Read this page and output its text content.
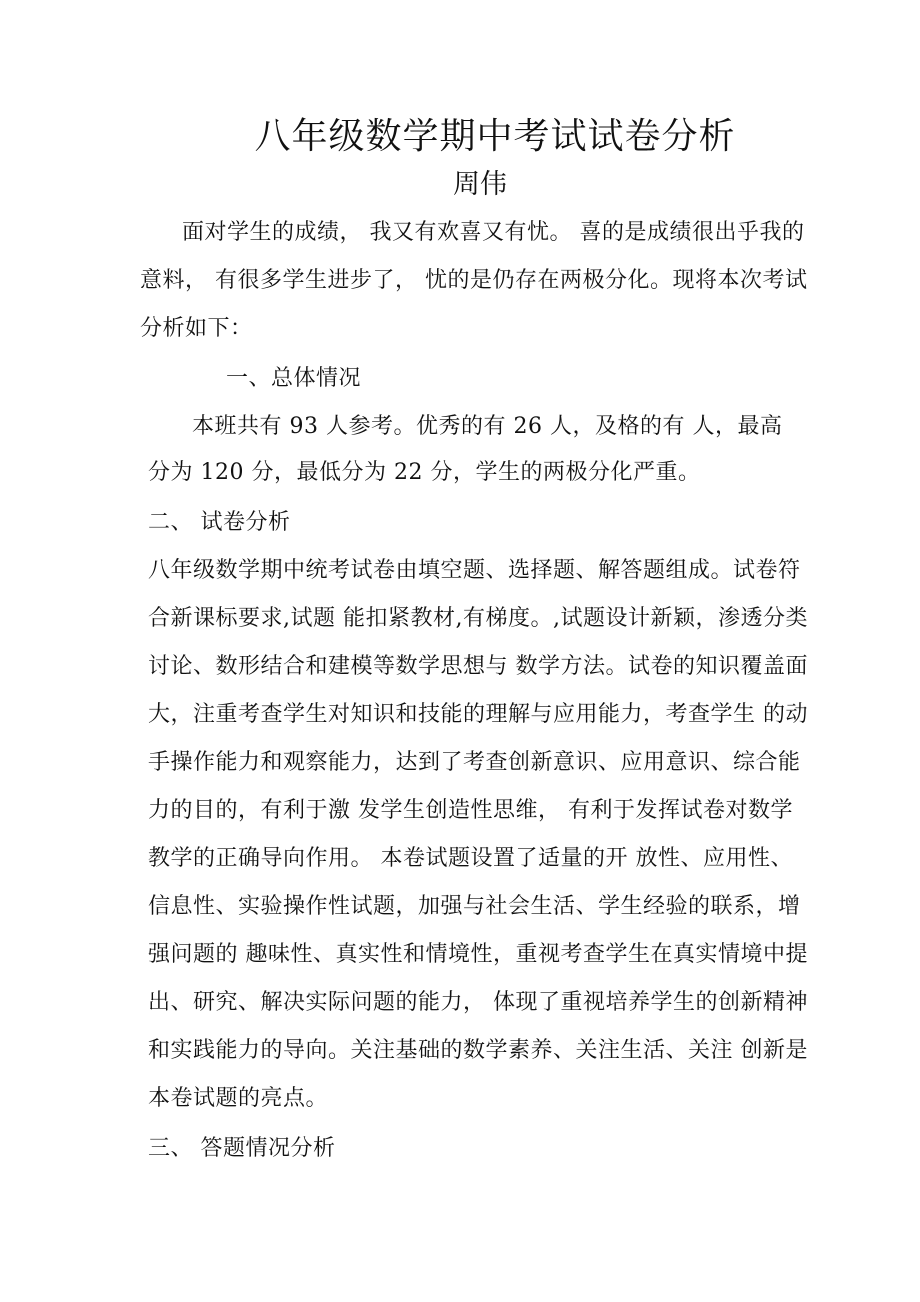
八年级数学期中考试试卷分析
周伟
面对学生的成绩， 我又有欢喜又有忧。 喜的是成绩很出乎我的
意料， 有很多学生进步了， 忧的是仍存在两极分化。现将本次考试
分析如下：
一、总体情况
本班共有 93 人参考。优秀的有 26 人，及格的有 人，最高
分为 120 分，最低分为 22 分，学生的两极分化严重。
二、 试卷分析
八年级数学期中统考试卷由填空题、选择题、解答题组成。试卷符
合新课标要求,试题 能扣紧教材,有梯度。,试题设计新颖，渗透分类
讨论、数形结合和建模等数学思想与 数学方法。试卷的知识覆盖面
大，注重考查学生对知识和技能的理解与应用能力，考查学生 的动
手操作能力和观察能力，达到了考查创新意识、应用意识、综合能
力的目的，有利于激 发学生创造性思维， 有利于发挥试卷对数学
教学的正确导向作用。 本卷试题设置了适量的开 放性、应用性、
信息性、实验操作性试题，加强与社会生活、学生经验的联系，增
强问题的 趣味性、真实性和情境性，重视考查学生在真实情境中提
出、研究、解决实际问题的能力， 体现了重视培养学生的创新精神
和实践能力的导向。关注基础的数学素养、关注生活、关注 创新是
本卷试题的亮点。
三、 答题情况分析
